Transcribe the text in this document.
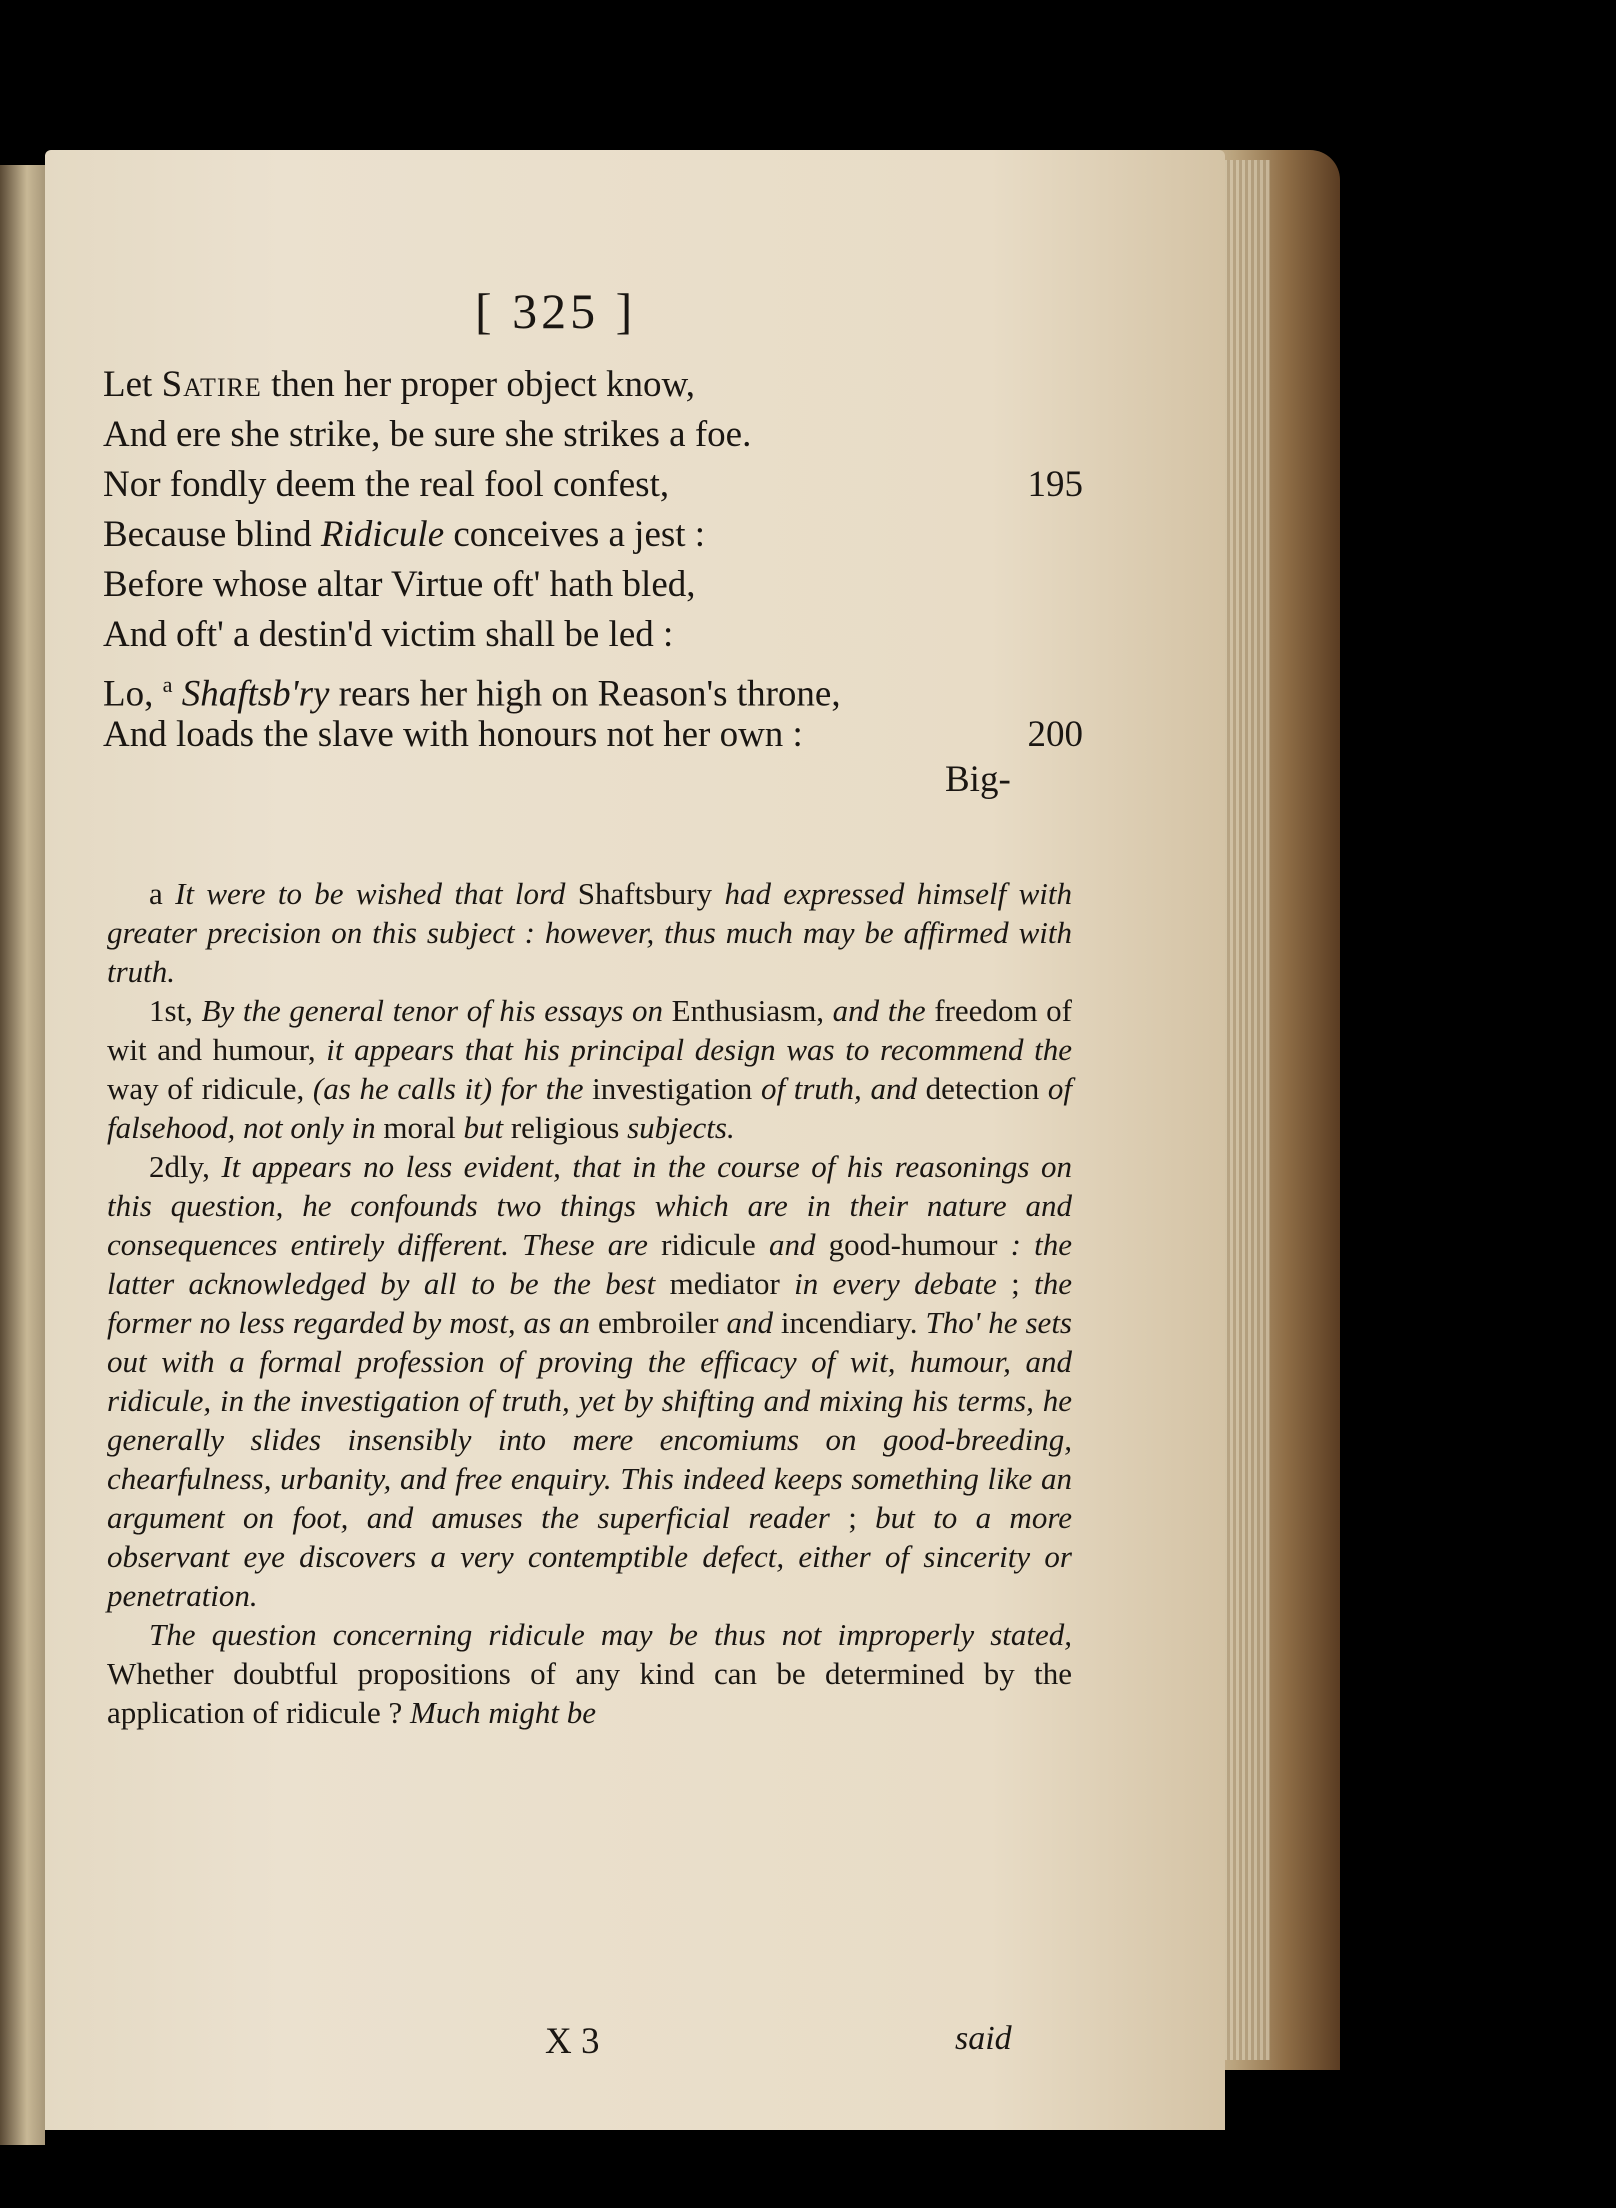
[ 325 ]
Let Satire then her proper object know,
And ere she strike, be sure she strikes a foe.
Nor fondly deem the real fool confest,	195
Because blind Ridicule conceives a jest :
Before whose altar Virtue oft' hath bled,
And oft' a destin'd victim shall be led :
Lo, $^a$ Shaftsb'ry rears her high on Reason's throne,
And loads the slave with honours not her own :	200
Big-

a It were to be wished that lord Shaftsbury had expressed himself with greater precision on this subject : however, thus much may be affirmed with truth.

1st, By the general tenor of his essays on Enthusiasm, and the freedom of wit and humour, it appears that his principal design was to recommend the way of ridicule, (as he calls it) for the investigation of truth, and detection of falsehood, not only in moral but religious subjects.

2dly, It appears no less evident, that in the course of his reasonings on this question, he confounds two things which are in their nature and consequences entirely different. These are ridicule and good-humour : the latter acknowledged by all to be the best mediator in every debate ; the former no less regarded by most, as an embroiler and incendiary. Tho' he sets out with a formal profession of proving the efficacy of wit, humour, and ridicule, in the investigation of truth, yet by shifting and mixing his terms, he generally slides insensibly into mere encomiums on good-breeding, chearfulness, urbanity, and free enquiry. This indeed keeps something like an argument on foot, and amuses the superficial reader ; but to a more observant eye discovers a very contemptible defect, either of sincerity or penetration.

The question concerning ridicule may be thus not improperly stated, Whether doubtful propositions of any kind can be determined by the application of ridicule ? Much might be

X 3	said
